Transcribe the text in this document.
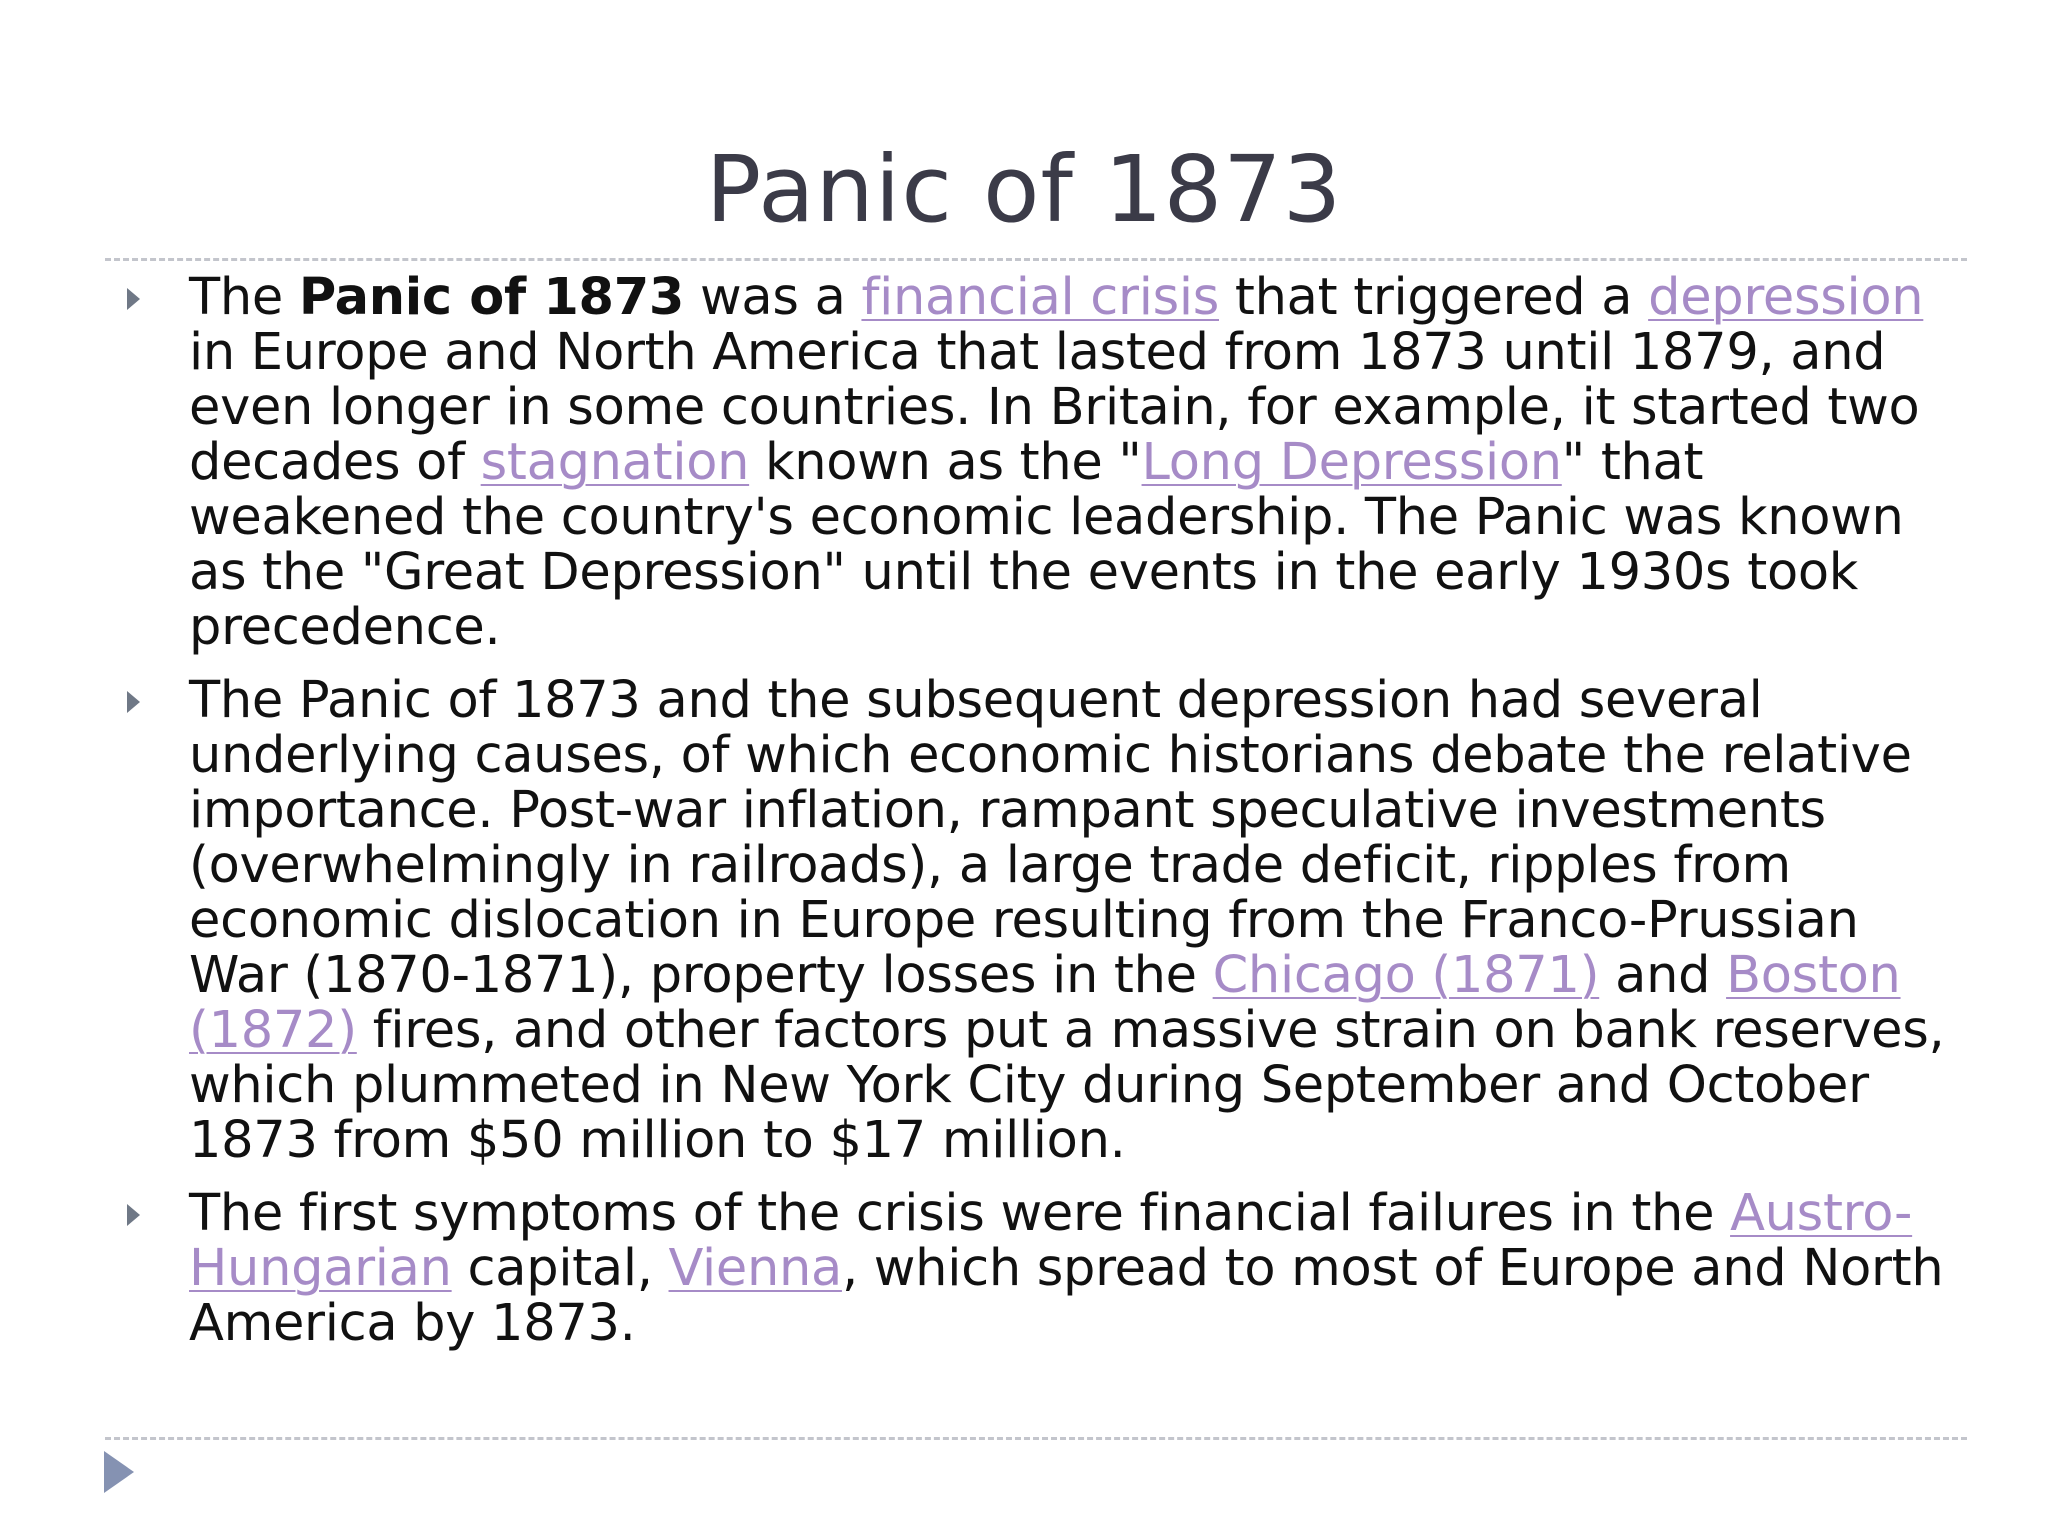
Panic of 1873
The Panic of 1873 was a financial crisis that triggered a depression in Europe and North America that lasted from 1873 until 1879, and even longer in some countries. In Britain, for example, it started two decades of stagnation known as the "Long Depression" that weakened the country's economic leadership. The Panic was known as the "Great Depression" until the events in the early 1930s took precedence.
The Panic of 1873 and the subsequent depression had several underlying causes, of which economic historians debate the relative importance. Post-war inflation, rampant speculative investments (overwhelmingly in railroads), a large trade deficit, ripples from economic dislocation in Europe resulting from the Franco-Prussian War (1870-1871), property losses in the Chicago (1871) and Boston (1872) fires, and other factors put a massive strain on bank reserves, which plummeted in New York City during September and October 1873 from $50 million to $17 million.
The first symptoms of the crisis were financial failures in the Austro-Hungarian capital, Vienna, which spread to most of Europe and North America by 1873.
